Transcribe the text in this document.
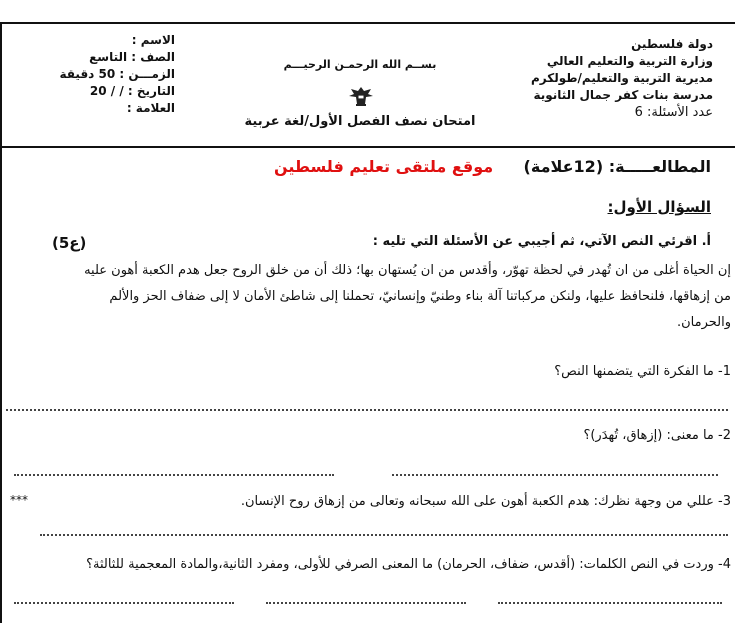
دولة فلسطين
وزارة التربية والتعليم العالي
مديرية التربية والتعليم/طولكرم
مدرسة بنات كفر جمال الثانوية
عدد الأسئلة: 6
الاسم :
الصف : التاسع
الزمـــن : 50 دقيقة
التاريخ : / / 20
العلامة :
بســم الله الرحمـن الرحيـــم
امتحان نصف الفصل الأول/لغة عربية
المطالعـــــة: (12علامة)
موقع ملتقى تعليم فلسطين
السؤال الأول:
أ. اقرئي النص الآتي، ثم أجيبي عن الأسئلة التي تليه :
(5ع)
إن الحياة أغلى من ان تُهدر في لحظة تهوّر، وأقدس من ان يُستهان بها؛ ذلك أن من خلق الروح جعل هدم الكعبة أهون عليه
من إزهاقها، فلنحافظ عليها، ولنكن مركباتنا آلة بناء وطنيّ وإنسانيّ، تحملنا إلى شاطئ الأمان لا إلى ضفاف الحز والألم
والحرمان.
1- ما الفكرة التي يتضمنها النص؟
2- ما معنى: (إزهاق، تُهدَر)؟
3- عللي من وجهة نظرك: هدم الكعبة أهون على الله سبحانه وتعالى من إزهاق روح الإنسان.
***
4- وردت في النص الكلمات: (أقدس، ضفاف، الحرمان) ما المعنى الصرفي للأولى، ومفرد الثانية،والمادة المعجمية للثالثة؟
